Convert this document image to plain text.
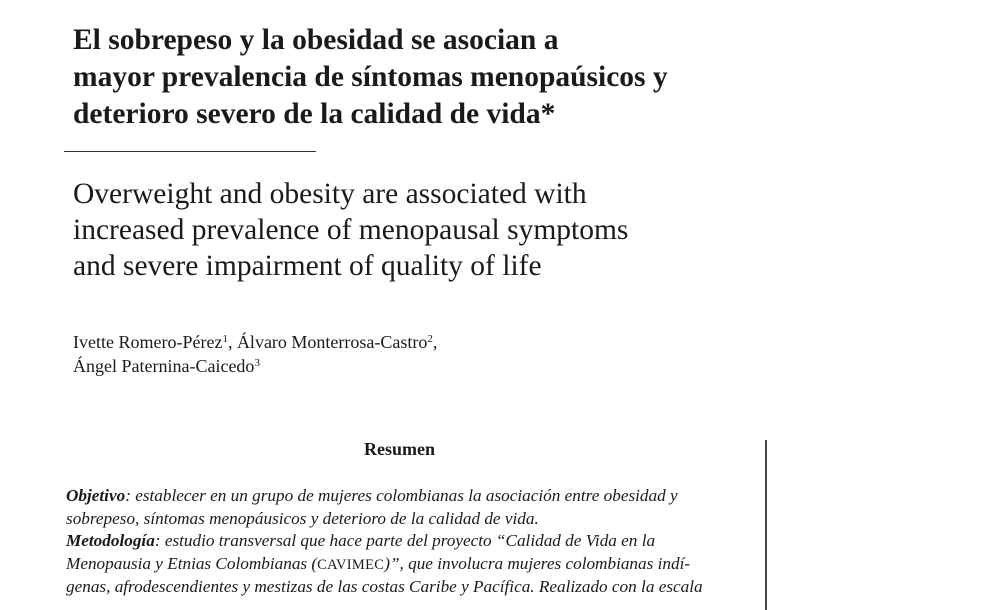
El sobrepeso y la obesidad se asocian a
mayor prevalencia de síntomas menopaúsicos y
deterioro severo de la calidad de vida*
Overweight and obesity are associated with
increased prevalence of menopausal symptoms
and severe impairment of quality of life
Ivette Romero-Pérez$^1$, Álvaro Monterrosa-Castro$^2$,
Ángel Paternina-Caicedo$^3$
Resumen
Objetivo: establecer en un grupo de mujeres colombianas la asociación entre obesidad y
sobrepeso, síntomas menopáusicos y deterioro de la calidad de vida.
Metodología: estudio transversal que hace parte del proyecto “Calidad de Vida en la
Menopausia y Etnias Colombianas (CAVIMEC)”, que involucra mujeres colombianas indí-
genas, afrodescendientes y mestizas de las costas Caribe y Pacífica. Realizado con la escala
